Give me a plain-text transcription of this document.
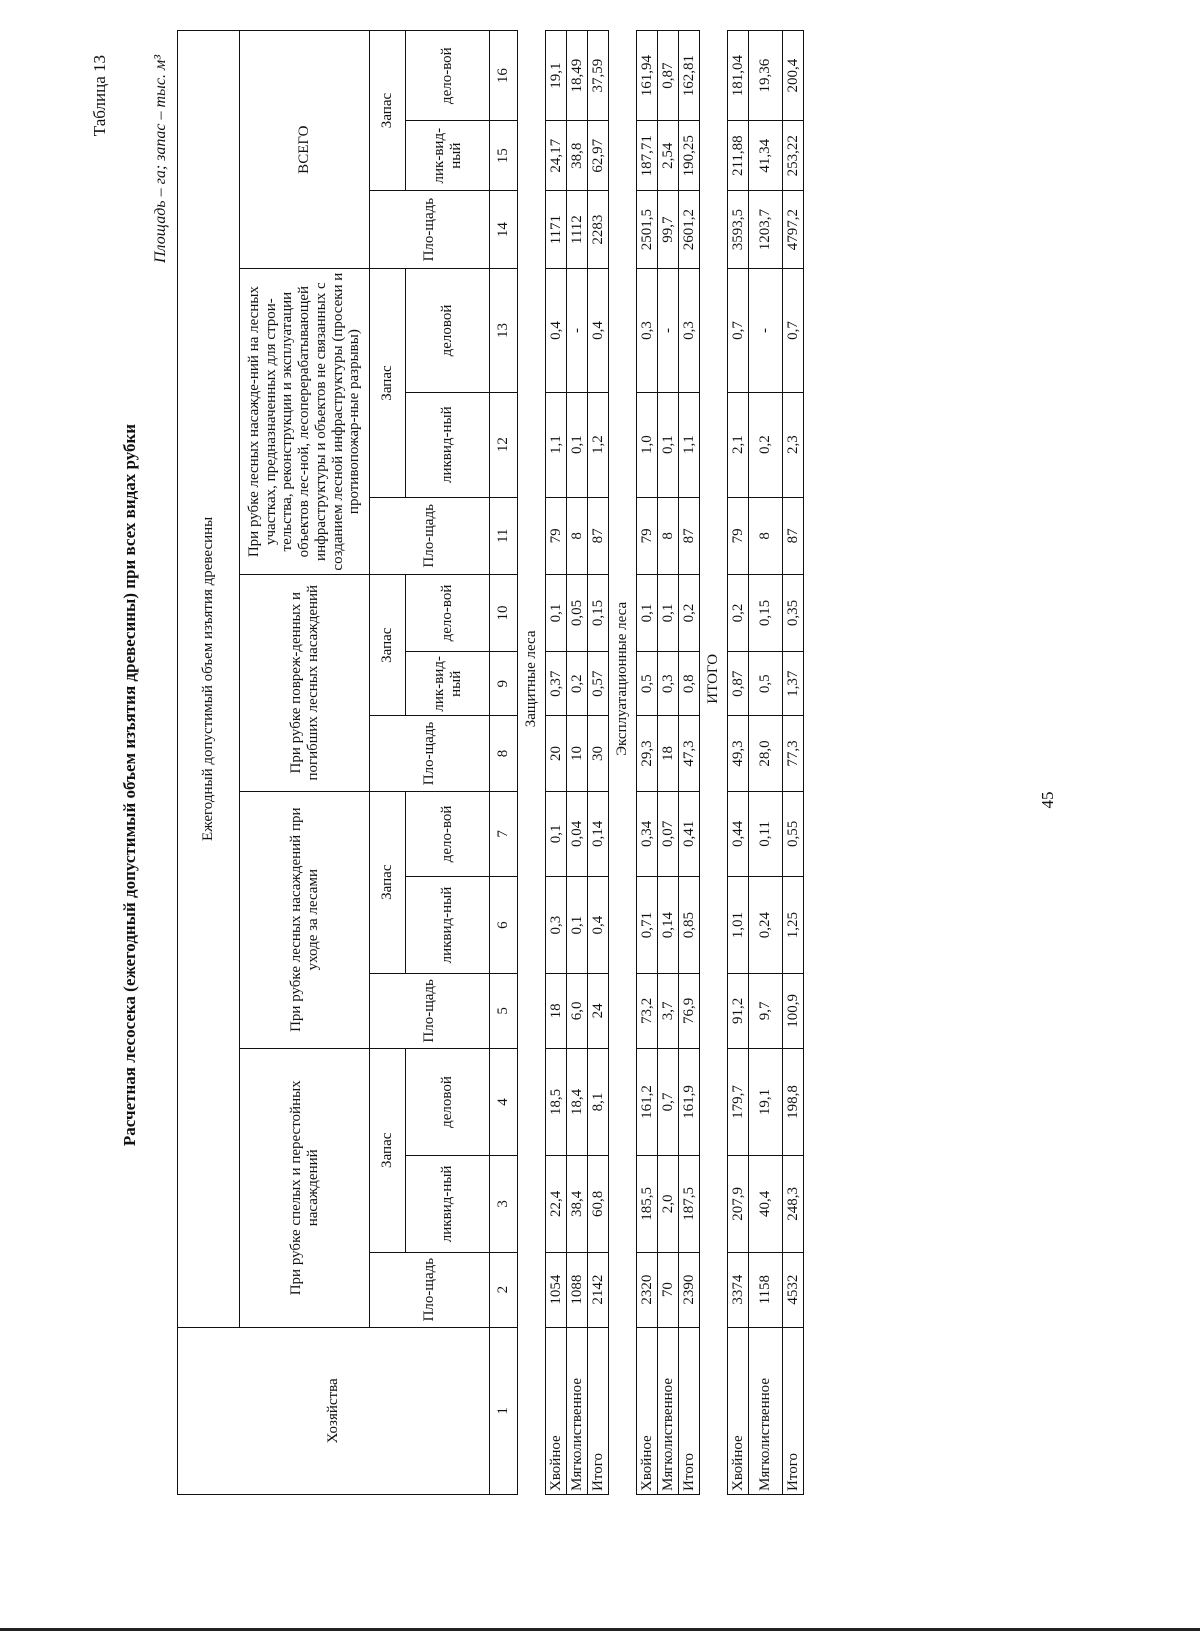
Таблица 13
Расчетная лесосека (ежегодный допустимый объем изъятия древесины) при всех видах рубки
Площадь – га; запас – тыс. м³
Хозяйства	Ежегодный допустимый объем изъятия древесины														
	При рубке спелых и перестойных насаждений			При рубке лесных насаждений при уходе за лесами			При рубке повреж-денных и погибших лесных насаждений			При рубке лесных насажде-ний на лесных участках, предназначенных для строи-тельства, реконструкции и эксплуатации объектов лес-ной, лесоперерабатывающей инфраструктуры и объектов не связанных с созданием лесной инфраструктуры (просеки и противопожар-ные разрывы)			ВСЕГО		
	Пло-щадь	Запас		Пло-щадь	Запас		Пло-щадь	Запас		Пло-щадь	Запас		Пло-щадь	Запас	
		ликвид-ный	деловой		ликвид-ный	дело-вой		лик-вид-ный	дело-вой		ликвид-ный	деловой		лик-вид-ный	дело-вой
1	2	3	4	5	6	7	8	9	10	11	12	13	14	15	16
	Защитные леса														
Хвойное	1054	22,4	18,5	18	0,3	0,1	20	0,37	0,1	79	1,1	0,4	1171	24,17	19,1
Мягколиственное	1088	38,4	18,4	6,0	0,1	0,04	10	0,2	0,05	8	0,1	-	1112	38,8	18,49
Итого	2142	60,8	8,1	24	0,4	0,14	30	0,57	0,15	87	1,2	0,4	2283	62,97	37,59
	Эксплуатационные леса														
Хвойное	2320	185,5	161,2	73,2	0,71	0,34	29,3	0,5	0,1	79	1,0	0,3	2501,5	187,71	161,94
Мягколиственное	70	2,0	0,7	3,7	0,14	0,07	18	0,3	0,1	8	0,1	-	99,7	2,54	0,87
Итого	2390	187,5	161,9	76,9	0,85	0,41	47,3	0,8	0,2	87	1,1	0,3	2601,2	190,25	162,81
	ИТОГО														
Хвойное	3374	207,9	179,7	91,2	1,01	0,44	49,3	0,87	0,2	79	2,1	0,7	3593,5	211,88	181,04
Мягколиственное	1158	40,4	19,1	9,7	0,24	0,11	28,0	0,5	0,15	8	0,2	-	1203,7	41,34	19,36
Итого	4532	248,3	198,8	100,9	1,25	0,55	77,3	1,37	0,35	87	2,3	0,7	4797,2	253,22	200,4
45
